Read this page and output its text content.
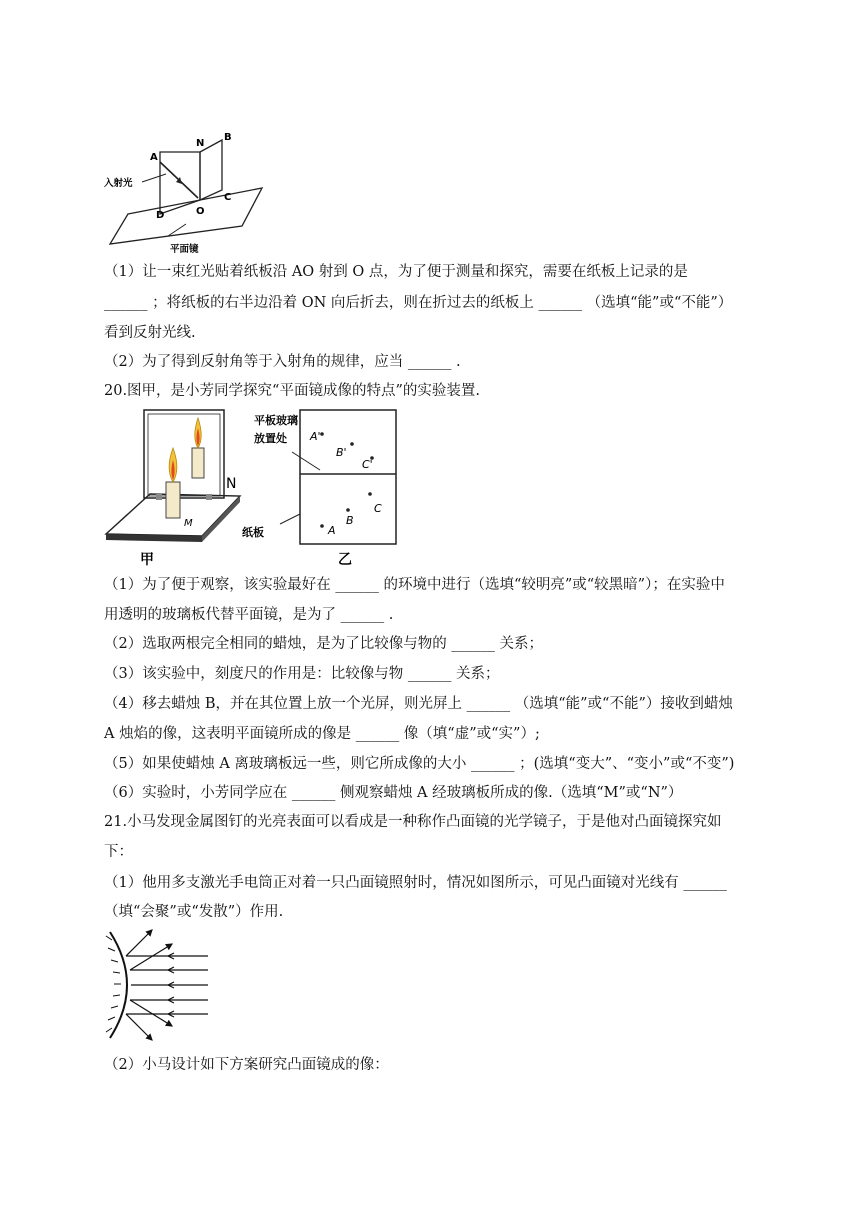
A
N
B
C
D	O
入射光
平面镜
（1）让一束红光贴着纸板沿 AO 射到 O 点，为了便于测量和探究，需要在纸板上记录的是
______ ；将纸板的右半边沿着 ON 向后折去，则在折过去的纸板上 ______ （选填“能”或“不能”）
看到反射光线.
（2）为了得到反射角等于入射角的规律，应当 ______ .
20.图甲，是小芳同学探究“平面镜成像的特点”的实验装置.
N
M
甲
平板玻璃
放置处
纸板
A'
B'
C'
A
B
C
乙
（1）为了便于观察，该实验最好在 ______ 的环境中进行（选填“较明亮”或“较黑暗”）；在实验中
用透明的玻璃板代替平面镜，是为了 ______ .
（2）选取两根完全相同的蜡烛，是为了比较像与物的 ______ 关系；
（3）该实验中，刻度尺的作用是：比较像与物 ______ 关系；
（4）移去蜡烛 B，并在其位置上放一个光屏，则光屏上 ______ （选填“能”或“不能”）接收到蜡烛
A 烛焰的像，这表明平面镜所成的像是 ______ 像（填“虚”或“实”）;
（5）如果使蜡烛 A 离玻璃板远一些，则它所成像的大小 ______ ；(选填“变大”、“变小”或“不变”)
（6）实验时，小芳同学应在 ______ 侧观察蜡烛 A 经玻璃板所成的像.（选填“M”或“N”）
21.小马发现金属图钉的光亮表面可以看成是一种称作凸面镜的光学镜子，于是他对凸面镜探究如
下：
（1）他用多支激光手电筒正对着一只凸面镜照射时，情况如图所示，可见凸面镜对光线有 ______
（填“会聚”或“发散”）作用.
（2）小马设计如下方案研究凸面镜成的像：
